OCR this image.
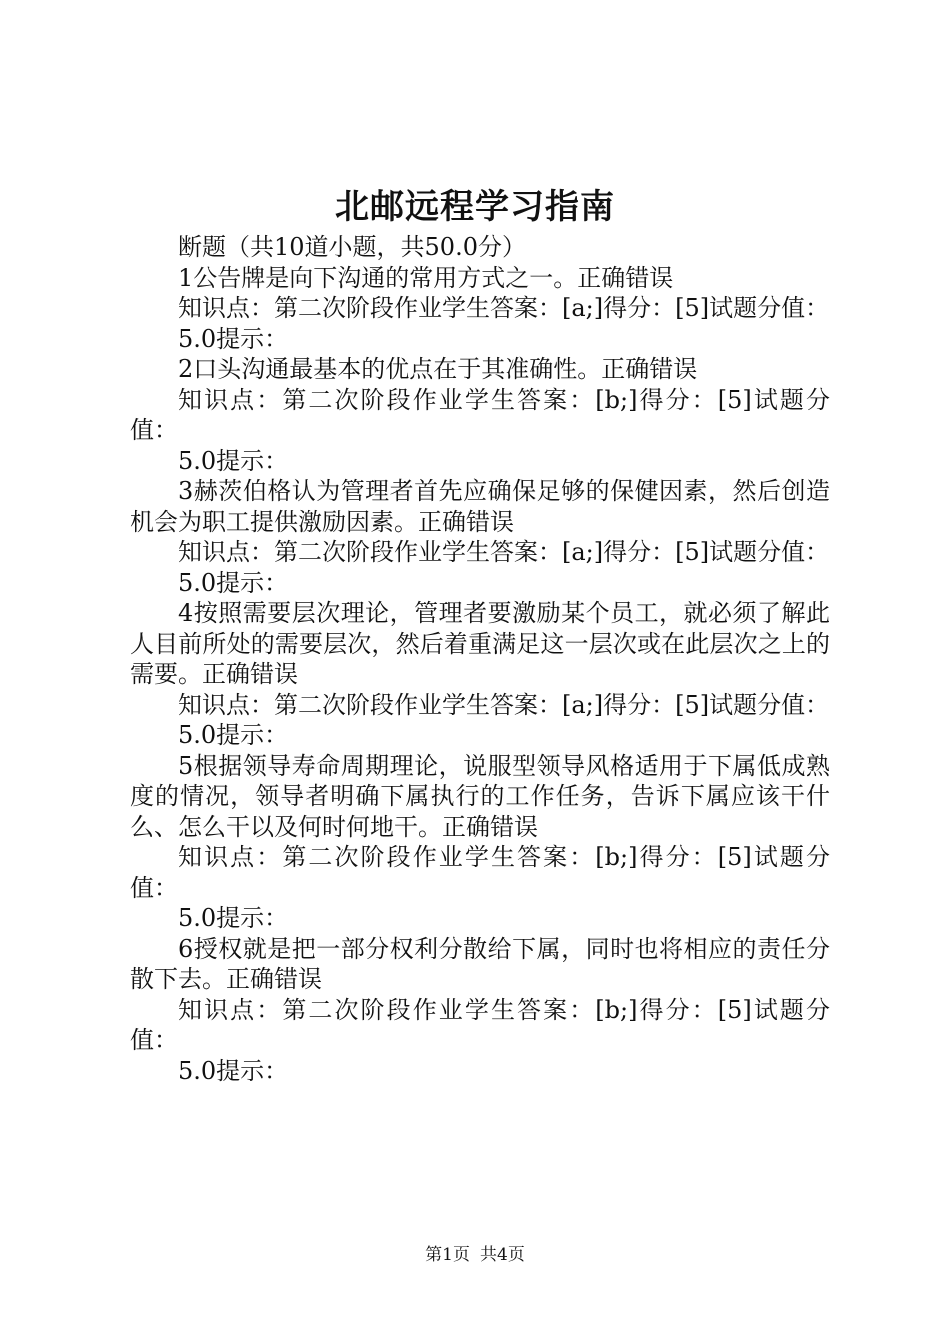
北邮远程学习指南

断题（共10道小题，共50.0分）

1公告牌是向下沟通的常用方式之一。正确错误

知识点：第二次阶段作业学生答案：[a;]得分：[5]试题分值：

5.0提示：

2口头沟通最基本的优点在于其准确性。正确错误

知识点：第二次阶段作业学生答案：[b;]得分：[5]试题分值：

5.0提示：

3赫茨伯格认为管理者首先应确保足够的保健因素，然后创造机会为职工提供激励因素。正确错误

知识点：第二次阶段作业学生答案：[a;]得分：[5]试题分值：

5.0提示：

4按照需要层次理论，管理者要激励某个员工，就必须了解此人目前所处的需要层次，然后着重满足这一层次或在此层次之上的需要。正确错误

知识点：第二次阶段作业学生答案：[a;]得分：[5]试题分值：

5.0提示：

5根据领导寿命周期理论，说服型领导风格适用于下属低成熟度的情况，领导者明确下属执行的工作任务，告诉下属应该干什么、怎么干以及何时何地干。正确错误

知识点：第二次阶段作业学生答案：[b;]得分：[5]试题分值：

5.0提示：

6授权就是把一部分权利分散给下属，同时也将相应的责任分散下去。正确错误

知识点：第二次阶段作业学生答案：[b;]得分：[5]试题分值：

5.0提示：

第1页 共4页
